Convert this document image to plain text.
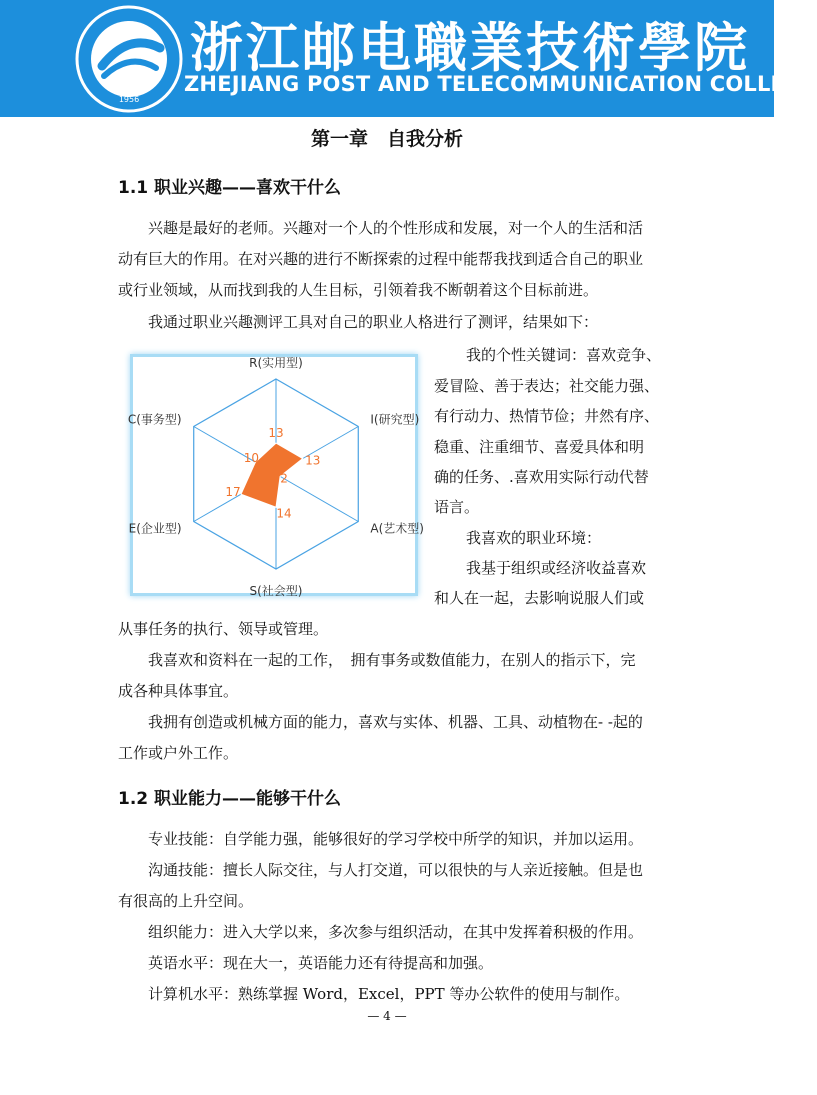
1956
浙江邮电職業技術學院
ZHEJIANG POST AND TELECOMMUNICATION COLLEGE
第一章　自我分析
1.1 职业兴趣——喜欢干什么
兴趣是最好的老师。兴趣对一个人的个性形成和发展，对一个人的生活和活
动有巨大的作用。在对兴趣的进行不断探索的过程中能帮我找到适合自己的职业
或行业领域，从而找到我的人生目标，引领着我不断朝着这个目标前进。
我通过职业兴趣测评工具对自己的职业人格进行了测评，结果如下：
R(实用型)
I(研究型)
A(艺术型)
S(社会型)
E(企业型)
C(事务型)
13
13
2
14
17
10
我的个性关键词：喜欢竞争、
爱冒险、善于表达；社交能力强、
有行动力、热情节俭；井然有序、
稳重、注重细节、喜爱具体和明
确的任务、.喜欢用实际行动代替
语言。
我喜欢的职业环境：
我基于组织或经济收益喜欢
和人在一起，去影响说服人们或
从事任务的执行、领导或管理。
我喜欢和资料在一起的工作，　拥有事务或数值能力，在别人的指示下，完
成各种具体事宜。
我拥有创造或机械方面的能力，喜欢与实体、机器、工具、动植物在- -起的
工作或户外工作。
1.2 职业能力——能够干什么
专业技能：自学能力强，能够很好的学习学校中所学的知识，并加以运用。
沟通技能：擅长人际交往，与人打交道，可以很快的与人亲近接触。但是也
有很高的上升空间。
组织能力：进入大学以来，多次参与组织活动，在其中发挥着积极的作用。
英语水平：现在大一，英语能力还有待提高和加强。
计算机水平：熟练掌握 Word，Excel，PPT 等办公软件的使用与制作。
— 4 —
